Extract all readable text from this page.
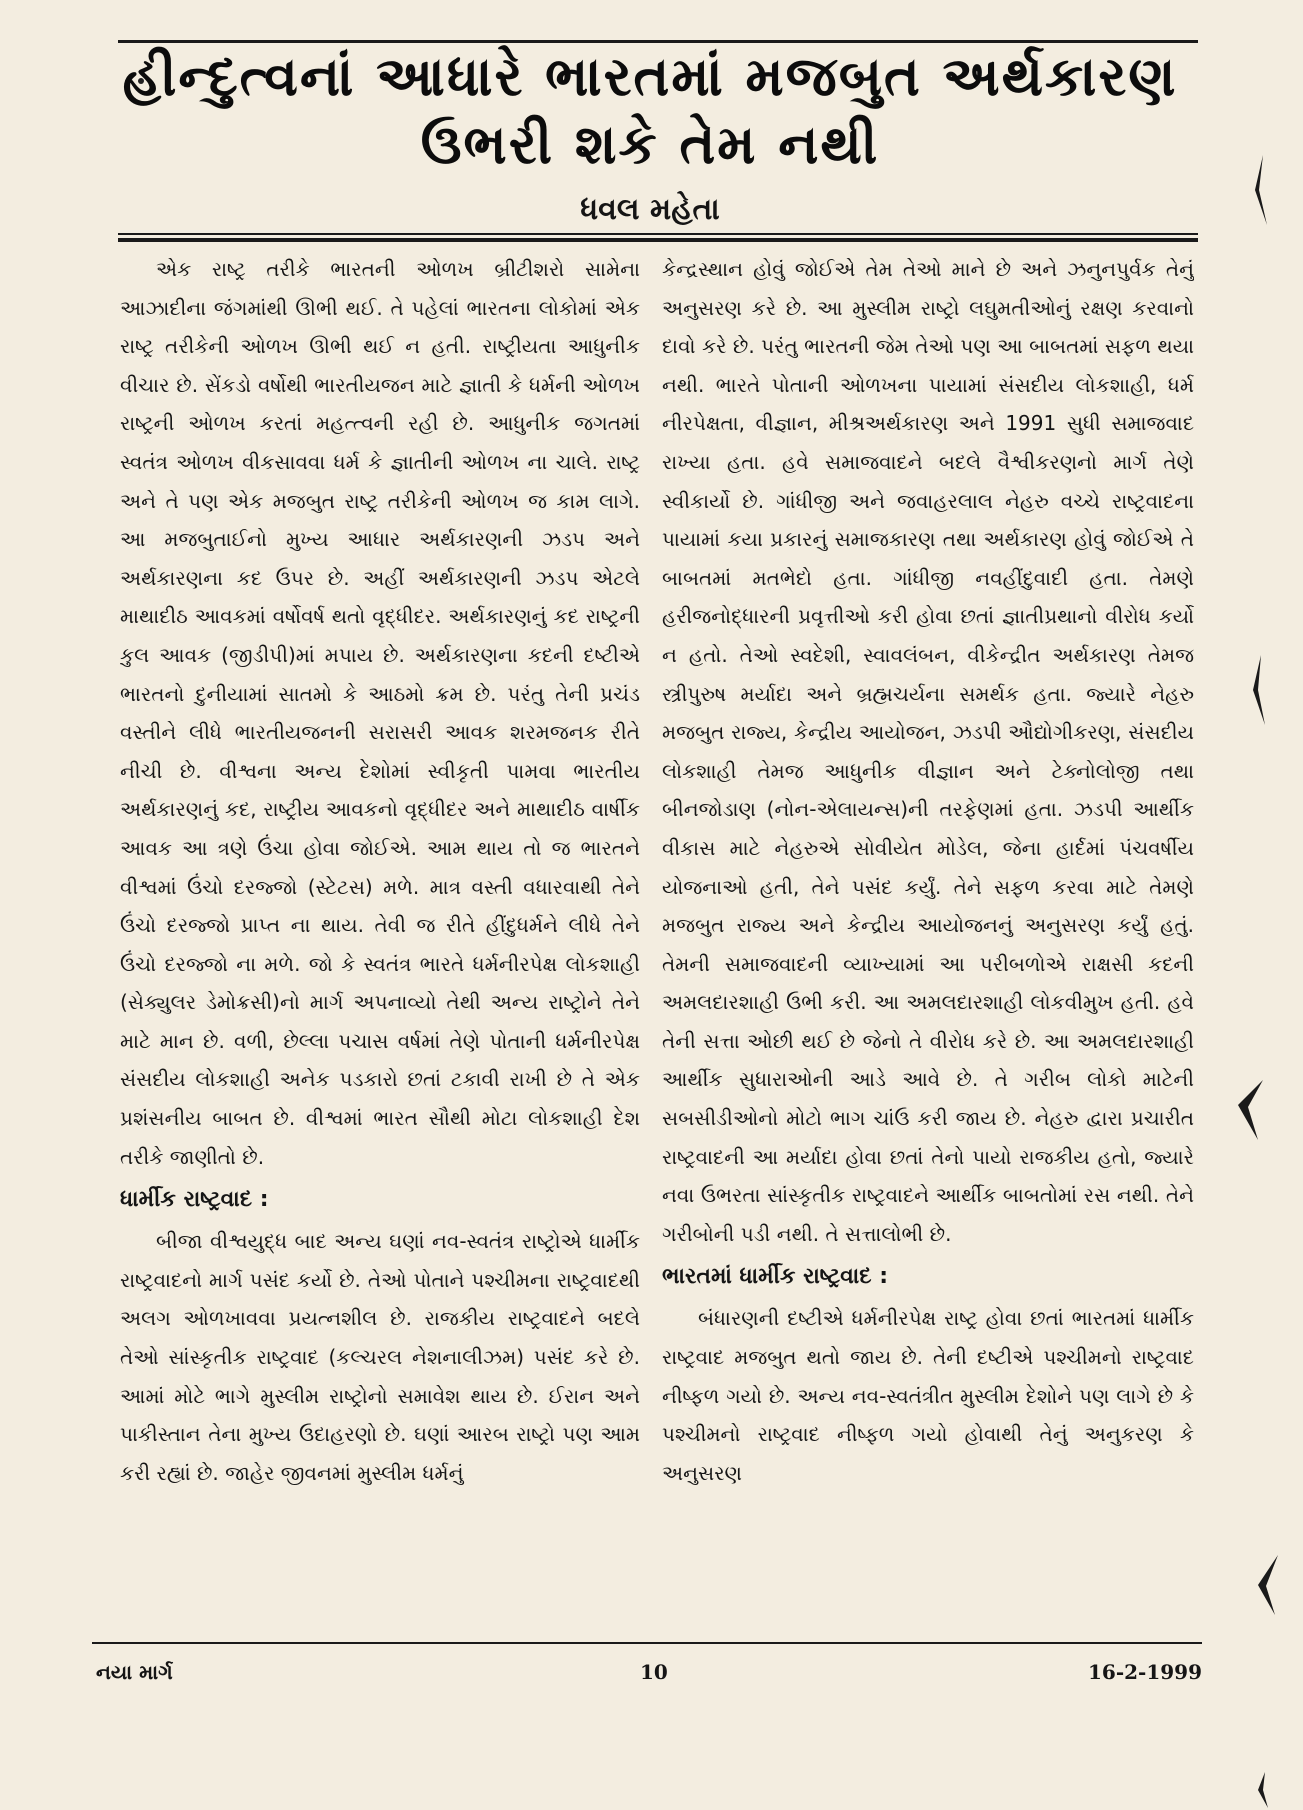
હીન્દુત્વનાં આધારે ભારતમાં મજબુત અર્થકારણ
ઉભરી શકે તેમ નથી
ધવલ મહેતા

એક રાષ્ટ્ર તરીકે ભારતની ઓળખ બ્રીટીશરો સામેના આઝાદીના જંગમાંથી ઊભી થઈ. તે પહેલાં ભારતના લોકોમાં એક રાષ્ટ્ર તરીકેની ઓળખ ઊભી થઈ ન હતી. રાષ્ટ્રીયતા આધુનીક વીચાર છે. સેંકડો વર્ષોથી ભારતીયજન માટે જ્ઞાતી કે ધર્મની ઓળખ રાષ્ટ્રની ઓળખ કરતાં મહત્ત્વની રહી છે. આધુનીક જગતમાં સ્વતંત્ર ઓળખ વીકસાવવા ધર્મ કે જ્ઞાતીની ઓળખ ના ચાલે. રાષ્ટ્ર અને તે પણ એક મજબુત રાષ્ટ્ર તરીકેની ઓળખ જ કામ લાગે. આ મજબુતાઈનો મુખ્ય આધાર અર્થકારણની ઝડપ અને અર્થકારણના કદ ઉપર છે. અહીં અર્થકારણની ઝડપ એટલે માથાદીઠ આવકમાં વર્ષોવર્ષ થતો વૃદ્ધીદર. અર્થકારણનું કદ રાષ્ટ્રની કુલ આવક (જીડીપી)માં મપાય છે. અર્થકારણના કદની દષ્ટીએ ભારતનો દુનીયામાં સાતમો કે આઠમો ક્રમ છે. પરંતુ તેની પ્રચંડ વસ્તીને લીધે ભારતીયજનની સરાસરી આવક શરમજનક રીતે નીચી છે. વીશ્વના અન્ય દેશોમાં સ્વીકૃતી પામવા ભારતીય અર્થકારણનું કદ, રાષ્ટ્રીય આવકનો વૃદ્ધીદર અને માથાદીઠ વાર્ષીક આવક આ ત્રણે ઉંચા હોવા જોઈએ. આમ થાય તો જ ભારતને વીશ્વમાં ઉંચો દરજ્જો (સ્ટેટસ) મળે. માત્ર વસ્તી વધારવાથી તેને ઉંચો દરજ્જો પ્રાપ્ત ના થાય. તેવી જ રીતે હીંદુધર્મને લીધે તેને ઉંચો દરજ્જો ના મળે. જો કે સ્વતંત્ર ભારતે ધર્મનીરપેક્ષ લોકશાહી (સેક્યુલર ડેમોક્રસી)નો માર્ગ અપનાવ્યો તેથી અન્ય રાષ્ટ્રોને તેને માટે માન છે. વળી, છેલ્લા પચાસ વર્ષમાં તેણે પોતાની ધર્મનીરપેક્ષ સંસદીય લોકશાહી અનેક પડકારો છતાં ટકાવી રાખી છે તે એક પ્રશંસનીય બાબત છે. વીશ્વમાં ભારત સૌથી મોટા લોકશાહી દેશ તરીકે જાણીતો છે.

ધાર્મીક રાષ્ટ્રવાદ :

બીજા વીશ્વયુદ્ધ બાદ અન્ય ઘણાં નવ-સ્વતંત્ર રાષ્ટ્રોએ ધાર્મીક રાષ્ટ્રવાદનો માર્ગ પસંદ કર્યો છે. તેઓ પોતાને પશ્ચીમના રાષ્ટ્રવાદથી અલગ ઓળખાવવા પ્રયત્નશીલ છે. રાજકીય રાષ્ટ્રવાદને બદલે તેઓ સાંસ્કૃતીક રાષ્ટ્રવાદ (કલ્ચરલ નેશનાલીઝમ) પસંદ કરે છે. આમાં મોટે ભાગે મુસ્લીમ રાષ્ટ્રોનો સમાવેશ થાય છે. ઈરાન અને પાકીસ્તાન તેના મુખ્ય ઉદાહરણો છે. ઘણાં આરબ રાષ્ટ્રો પણ આમ કરી રહ્યાં છે. જાહેર જીવનમાં મુસ્લીમ ધર્મનું

કેન્દ્રસ્થાન હોવું જોઈએ તેમ તેઓ માને છે અને ઝનુનપુર્વક તેનું અનુસરણ કરે છે. આ મુસ્લીમ રાષ્ટ્રો લઘુમતીઓનું રક્ષણ કરવાનો દાવો કરે છે. પરંતુ ભારતની જેમ તેઓ પણ આ બાબતમાં સફળ થયા નથી. ભારતે પોતાની ઓળખના પાયામાં સંસદીય લોકશાહી, ધર્મ નીરપેક્ષતા, વીજ્ઞાન, મીશ્રઅર્થકારણ અને 1991 સુધી સમાજવાદ રાખ્યા હતા. હવે સમાજવાદને બદલે વૈશ્વીકરણનો માર્ગ તેણે સ્વીકાર્યો છે. ગાંધીજી અને જવાહરલાલ નેહરુ વચ્ચે રાષ્ટ્રવાદના પાયામાં કયા પ્રકારનું સમાજકારણ તથા અર્થકારણ હોવું જોઈએ તે બાબતમાં મતભેદો હતા. ગાંધીજી નવહીંદુવાદી હતા. તેમણે હરીજનોદ્ધારની પ્રવૃત્તીઓ કરી હોવા છતાં જ્ઞાતીપ્રથાનો વીરોધ કર્યો ન હતો. તેઓ સ્વદેશી, સ્વાવલંબન, વીકેન્દ્રીત અર્થકારણ તેમજ સ્ત્રીપુરુષ મર્યાદા અને બ્રહ્મચર્યના સમર્થક હતા. જ્યારે નેહરુ મજબુત રાજ્ય, કેન્દ્રીય આયોજન, ઝડપી ઔદ્યોગીકરણ, સંસદીય લોકશાહી તેમજ આધુનીક વીજ્ઞાન અને ટેક્નોલોજી તથા બીનજોડાણ (નોન-એલાયન્સ)ની તરફેણમાં હતા. ઝડપી આર્થીક વીકાસ માટે નેહરુએ સોવીયેત મોડેલ, જેના હાર્દમાં પંચવર્ષીય યોજનાઓ હતી, તેને પસંદ કર્યું. તેને સફળ કરવા માટે તેમણે મજબુત રાજ્ય અને કેન્દ્રીય આયોજનનું અનુસરણ કર્યું હતું. તેમની સમાજવાદની વ્યાખ્યામાં આ પરીબળોએ રાક્ષસી કદની અમલદારશાહી ઉભી કરી. આ અમલદારશાહી લોકવીમુખ હતી. હવે તેની સત્તા ઓછી થઈ છે જેનો તે વીરોધ કરે છે. આ અમલદારશાહી આર્થીક સુધારાઓની આડે આવે છે. તે ગરીબ લોકો માટેની સબસીડીઓનો મોટો ભાગ ચાંઉ કરી જાય છે. નેહરુ દ્વારા પ્રચારીત રાષ્ટ્રવાદની આ મર્યાદા હોવા છતાં તેનો પાયો રાજકીય હતો, જ્યારે નવા ઉભરતા સાંસ્કૃતીક રાષ્ટ્રવાદને આર્થીક બાબતોમાં રસ નથી. તેને ગરીબોની પડી નથી. તે સત્તાલોભી છે.

ભારતમાં ધાર્મીક રાષ્ટ્રવાદ :

બંધારણની દષ્ટીએ ધર્મનીરપેક્ષ રાષ્ટ્ર હોવા છતાં ભારતમાં ધાર્મીક રાષ્ટ્રવાદ મજબુત થતો જાય છે. તેની દષ્ટીએ પશ્ચીમનો રાષ્ટ્રવાદ નીષ્ફળ ગયો છે. અન્ય નવ-સ્વતંત્રીત મુસ્લીમ દેશોને પણ લાગે છે કે પશ્ચીમનો રાષ્ટ્રવાદ નીષ્ફળ ગયો હોવાથી તેનું અનુકરણ કે અનુસરણ

નયા માર્ગ	10	16-2-1999
